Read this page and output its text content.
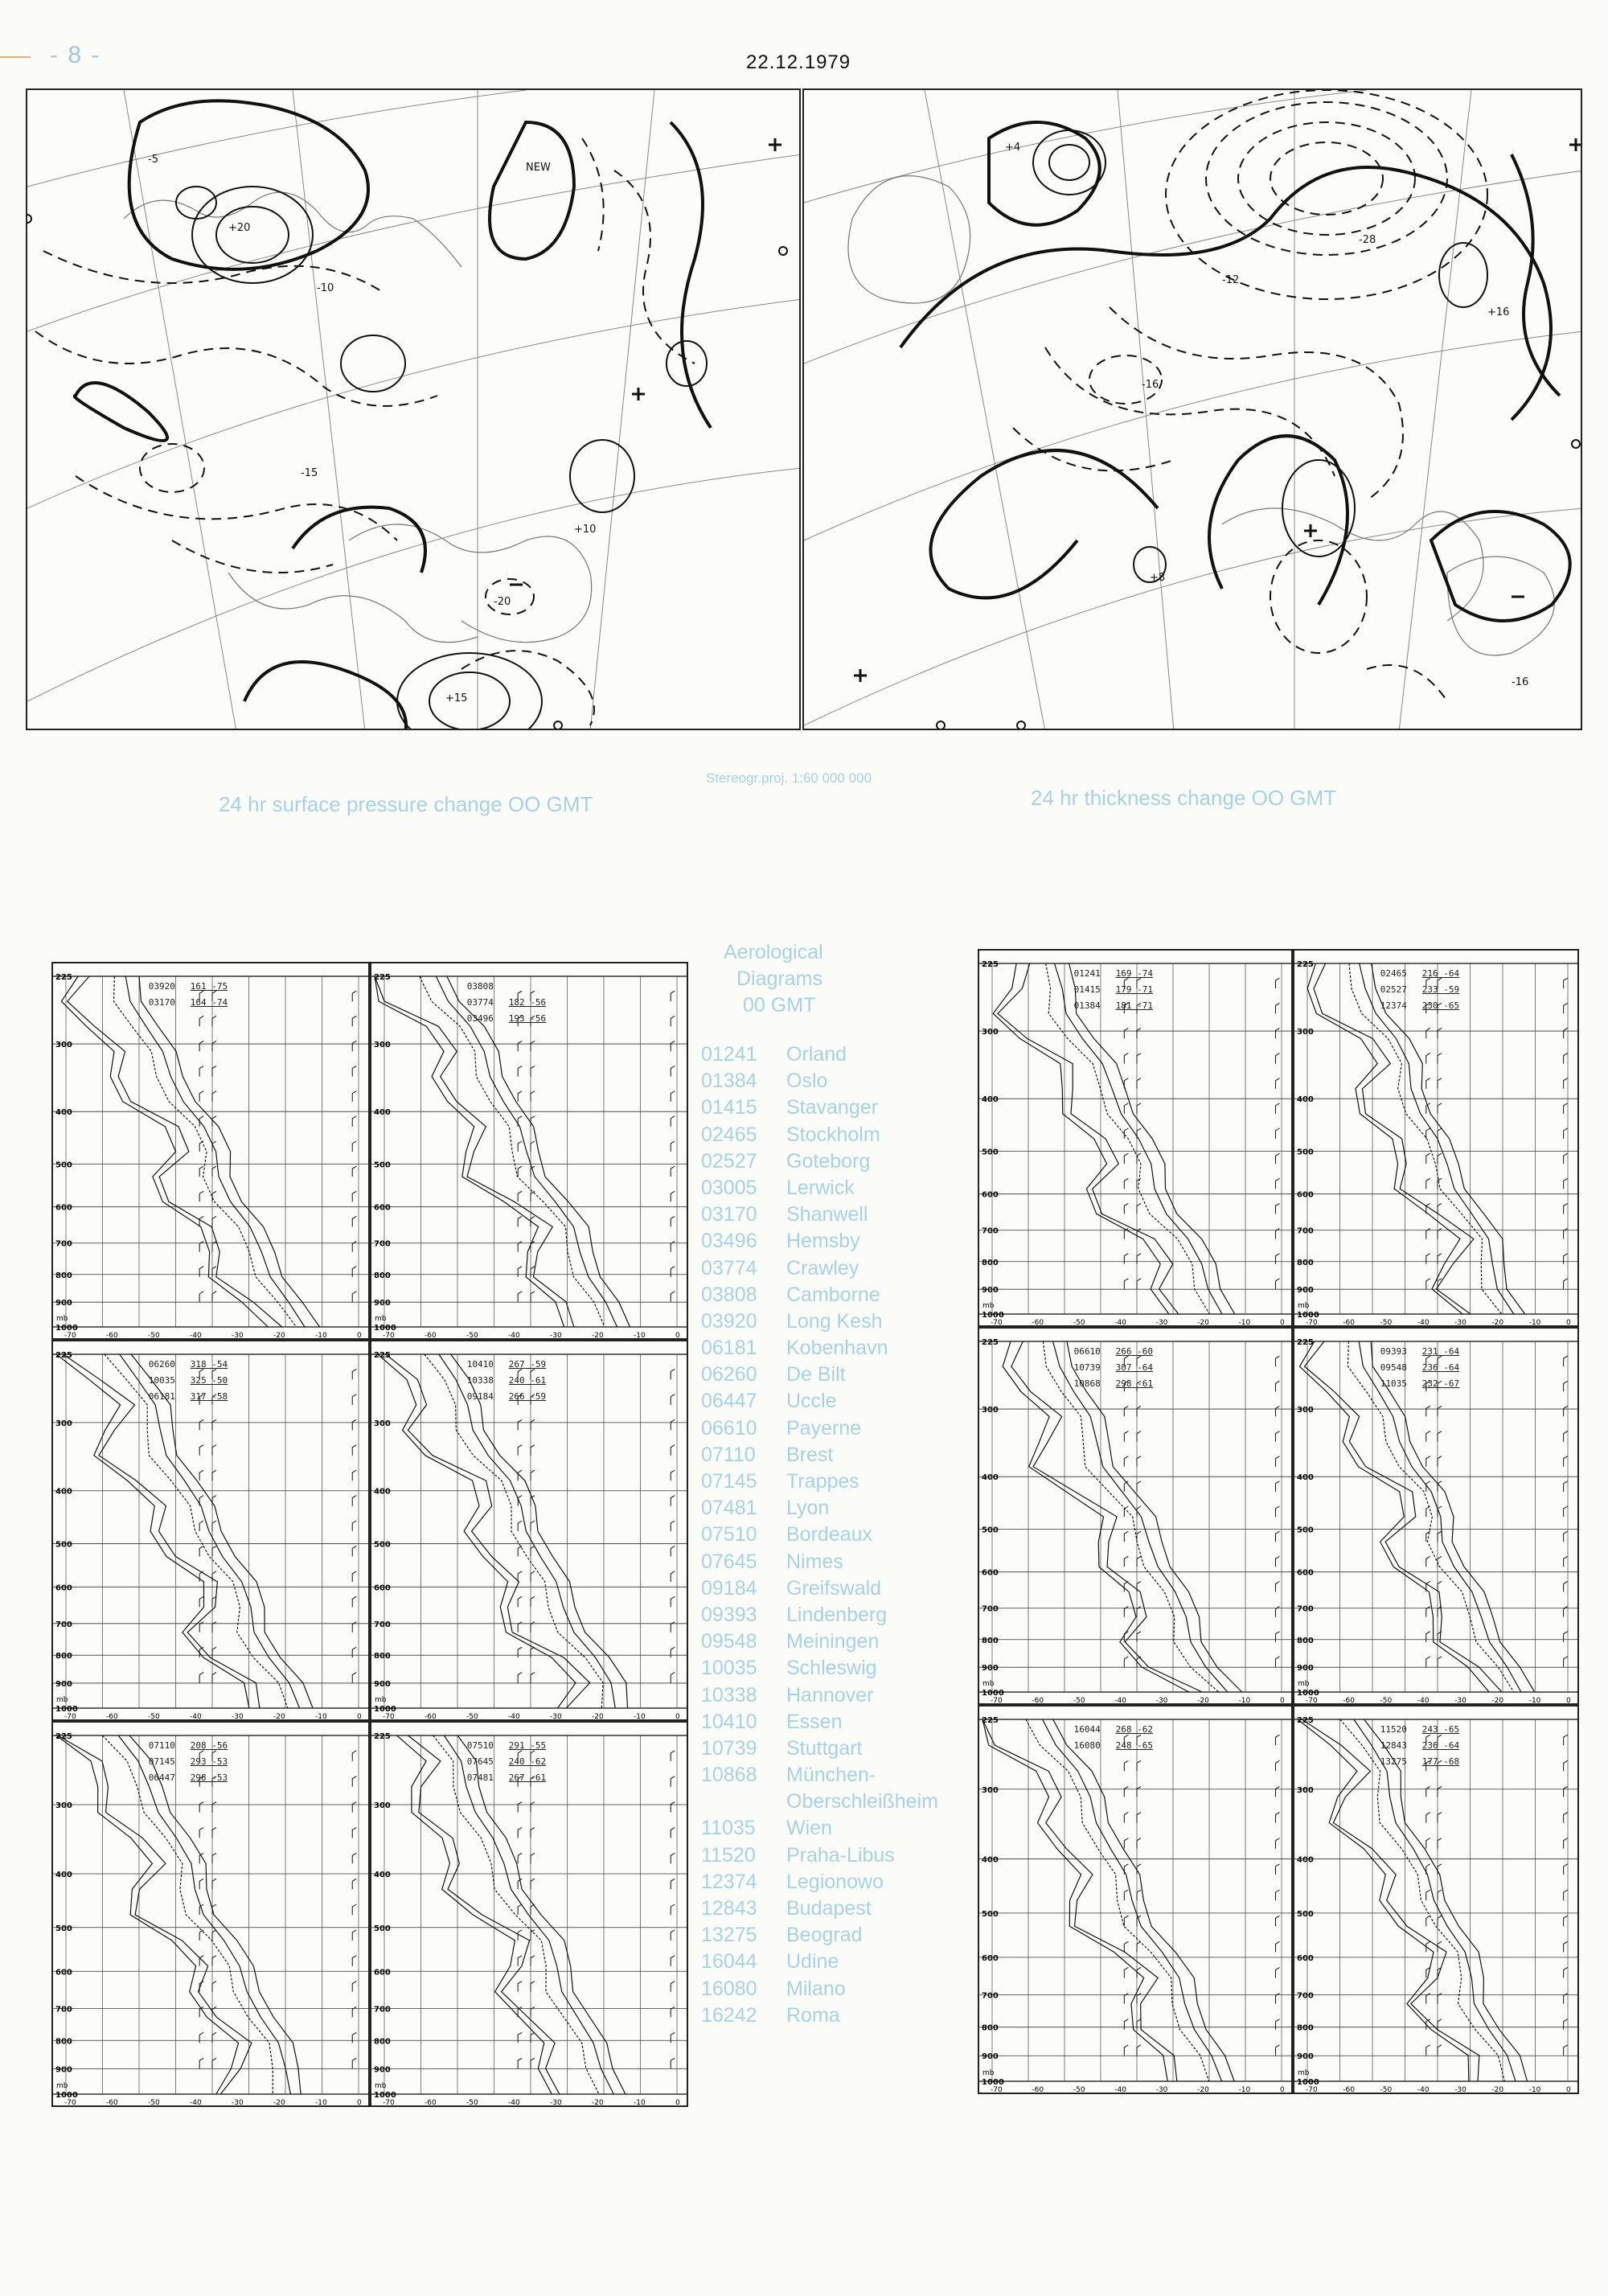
- 8 -	22.12.1979
+20
NEW
-5
-10
+15
-15
+10
-20
+4
-12
-28
-16
+16
+8
-16
24 hr surface pressure change OO GMT
Stereogr.proj. 1:60 000 000
24 hr thickness change OO GMT
Aerological
Diagrams
00 GMT
01241	Orland
01384	Oslo
01415	Stavanger
02465	Stockholm
02527	Goteborg
03005	Lerwick
03170	Shanwell
03496	Hemsby
03774	Crawley
03808	Camborne
03920	Long Kesh
06181	Kobenhavn
06260	De Bilt
06447	Uccle
06610	Payerne
07110	Brest
07145	Trappes
07481	Lyon
07510	Bordeaux
07645	Nimes
09184	Greifswald
09393	Lindenberg
09548	Meiningen
10035	Schleswig
10338	Hannover
10410	Essen
10739	Stuttgart
10868	München-
Oberschleißheim
11035	Wien
11520	Praha-Libus
12374	Legionowo
12843	Budapest
13275	Beograd
16044	Udine
16080	Milano
16242	Roma
225
300
400
500
600
700
800
900
1000
-70	-60	-50	-40	-30	-20	-10	0
mb
03920 161 -75
03170 164 -74
225
300
400
500
600
700
800
900
1000
-70	-60	-50	-40	-30	-20	-10	0
mb
03808
03774 182 -56
03496 193 -56
225
300
400
500
600
700
800
900
1000
-70	-60	-50	-40	-30	-20	-10	0
mb
06260 318 -54
10035 325 -50
06181 317 -58
225
300
400
500
600
700
800
900
1000
-70	-60	-50	-40	-30	-20	-10	0
mb
10410 267 -59
10338 240 -61
09184 266 -59
225
300
400
500
600
700
800
900
1000
-70	-60	-50	-40	-30	-20	-10	0
mb
07110 208 -56
07145 293 -53
06447 298 -53
225
300
400
500
600
700
800
900
1000
-70	-60	-50	-40	-30	-20	-10	0
mb
07510 291 -55
07645 240 -62
07481 267 -61
225
300
400
500
600
700
800
900
1000
-70	-60	-50	-40	-30	-20	-10	0
mb
01241 169 -74
01415 179 -71
01384 181 -71
225
300
400
500
600
700
800
900
1000
-70	-60	-50	-40	-30	-20	-10	0
mb
02465 216 -64
02527 233 -59
12374 230 -65
225
300
400
500
600
700
800
900
1000
-70	-60	-50	-40	-30	-20	-10	0
mb
06610 266 -60
10739 307 -64
10868 298 -61
225
300
400
500
600
700
800
900
1000
-70	-60	-50	-40	-30	-20	-10	0
mb
09393 231 -64
09548 236 -64
11035 232 -67
225
300
400
500
600
700
800
900
1000
-70	-60	-50	-40	-30	-20	-10	0
mb
16044 268 -62
16080 248 -65
225
300
400
500
600
700
800
900
1000
-70	-60	-50	-40	-30	-20	-10	0
mb
11520 243 -65
12843 236 -64
13275 177 -68
